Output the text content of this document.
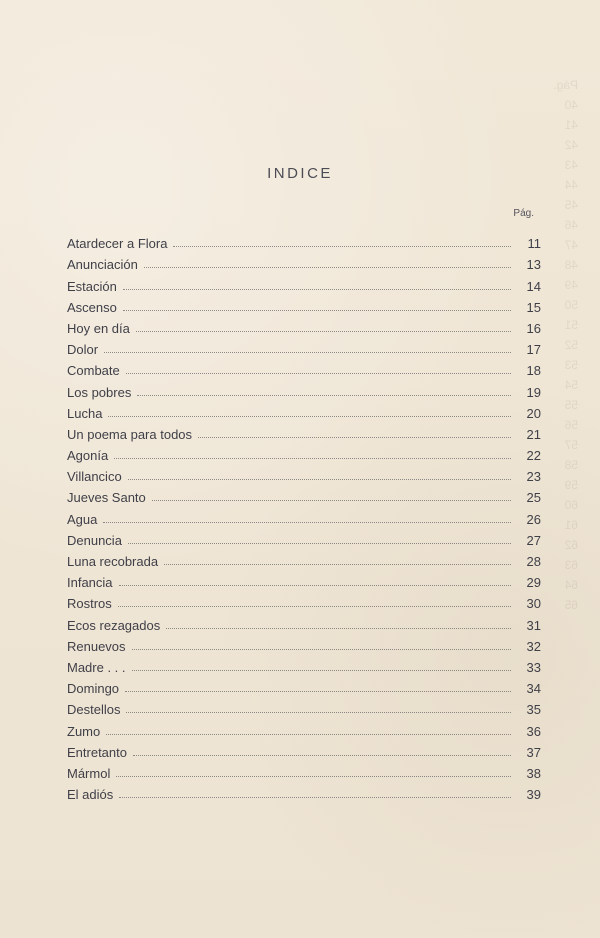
Pág.
40
41
42
43
44
45
46
47
48
49
50
51
52
53
54
55
56
57
58
59
60
61
62
63
64
65
INDICE
Pág.
Atardecer a Flora	11
Anunciación	13
Estación	14
Ascenso	15
Hoy en día	16
Dolor	17
Combate	18
Los pobres	19
Lucha	20
Un poema para todos	21
Agonía	22
Villancico	23
Jueves Santo	25
Agua	26
Denuncia	27
Luna recobrada	28
Infancia	29
Rostros	30
Ecos rezagados	31
Renuevos	32
Madre . . .	33
Domingo	34
Destellos	35
Zumo	36
Entretanto	37
Mármol	38
El adiós	39
